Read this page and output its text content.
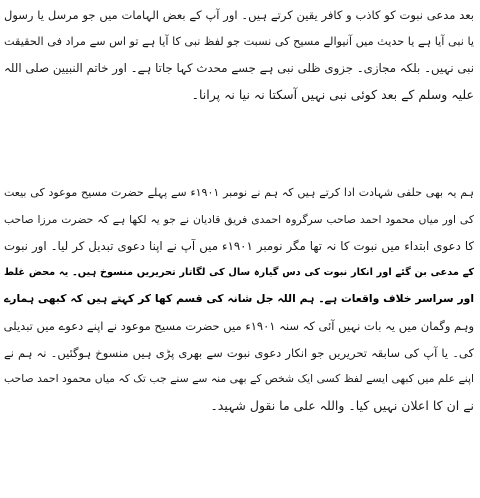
بعد مدعی نبوت کو کاذب و کافر یقین کرتے ہیں۔ اور آپ کے بعض الہامات میں جو مرسل یا رسول
یا نبی آیا ہے یا حدیث میں آنیوالے مسیح کی نسبت جو لفظ نبی کا آیا ہے تو اس سے مراد فی الحقیقت
نبی نہیں۔ بلکہ مجازی۔ جزوی ظلی نبی ہے جسے محدث کہا جاتا ہے۔ اور خاتم النبیین صلی اللہ
علیہ وسلم کے بعد کوئی نبی نہیں آسکتا نہ نیا نہ پرانا۔
ہم یہ بھی حلفی شہادت ادا کرتے ہیں کہ ہم نے نومبر ۱۹۰۱ء سے پہلے حضرت مسیح موعود کی بیعت
کی اور میاں محمود احمد صاحب سرگروہ احمدی فریق قادیان نے جو یہ لکھا ہے کہ حضرت مرزا صاحب
کا دعوی ابتداء میں نبوت کا نہ تھا مگر نومبر ۱۹۰۱ء میں آپ نے اپنا دعوی تبدیل کر لیا۔ اور نبوت
کے مدعی بن گئے اور انکار نبوت کی دس گیارہ سال کی لگاتار تحریریں منسوخ ہیں۔ یہ محض غلط
اور سراسر خلاف واقعات ہے۔ ہم اللہ جل شانہ کی قسم کھا کر کہتے ہیں کہ کبھی ہمارے
وہم وگمان میں یہ بات نہیں آئی کہ سنہ ۱۹۰۱ء میں حضرت مسیح موعود نے اپنے دعوے میں تبدیلی
کی۔ یا آپ کی سابقہ تحریریں جو انکار دعوی نبوت سے بھری پڑی ہیں منسوخ ہوگئیں۔ نہ ہم نے
اپنے علم میں کبھی ایسے لفظ کسی ایک شخص کے بھی منہ سے سنے جب تک کہ میاں محمود احمد صاحب
نے ان کا اعلان نہیں کیا۔ واللہ علی ما نقول شہید۔
